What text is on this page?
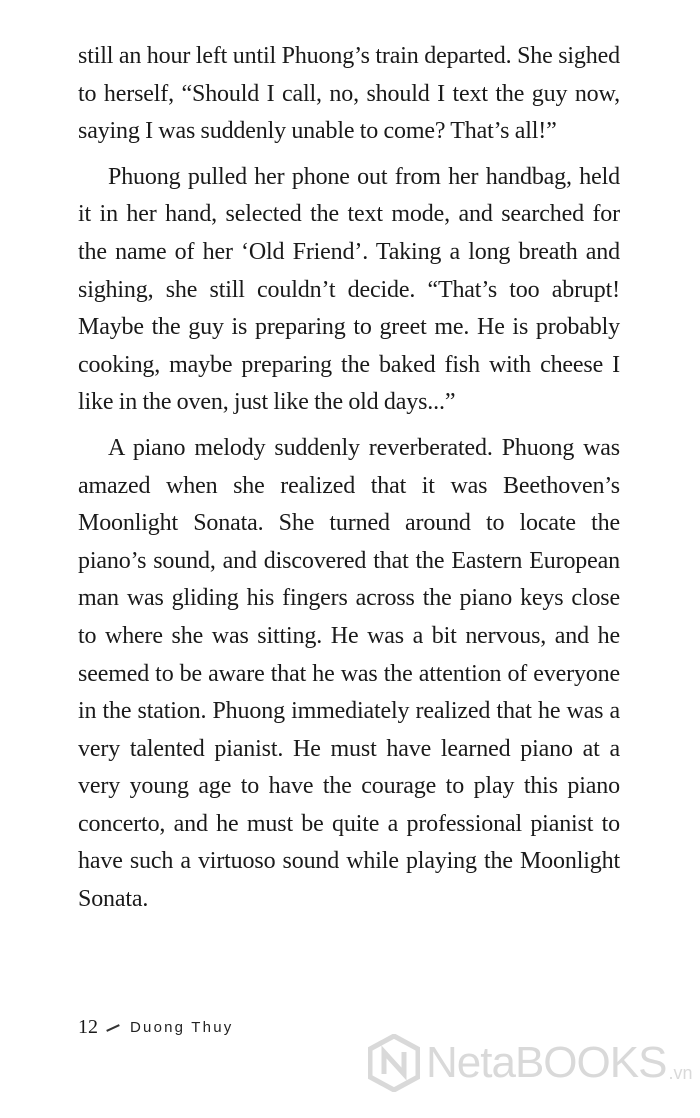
still an hour left until Phuong’s train departed. She sighed to herself, “Should I call, no, should I text the guy now, saying I was suddenly unable to come? That’s all!”

Phuong pulled her phone out from her handbag, held it in her hand, selected the text mode, and searched for the name of her ‘Old Friend’. Taking a long breath and sighing, she still couldn’t decide. “That’s too abrupt! Maybe the guy is preparing to greet me. He is probably cooking, maybe preparing the baked fish with cheese I like in the oven, just like the old days...”

A piano melody suddenly reverberated. Phuong was amazed when she realized that it was Beethoven’s Moonlight Sonata. She turned around to locate the piano’s sound, and discovered that the Eastern European man was gliding his fingers across the piano keys close to where she was sitting. He was a bit nervous, and he seemed to be aware that he was the attention of everyone in the station. Phuong immediately realized that he was a very talented pianist. He must have learned piano at a very young age to have the courage to play this piano concerto, and he must be quite a professional pianist to have such a virtuoso sound while playing the Moonlight Sonata.

12 Duong Thuy
NetaBOOKS .vn
